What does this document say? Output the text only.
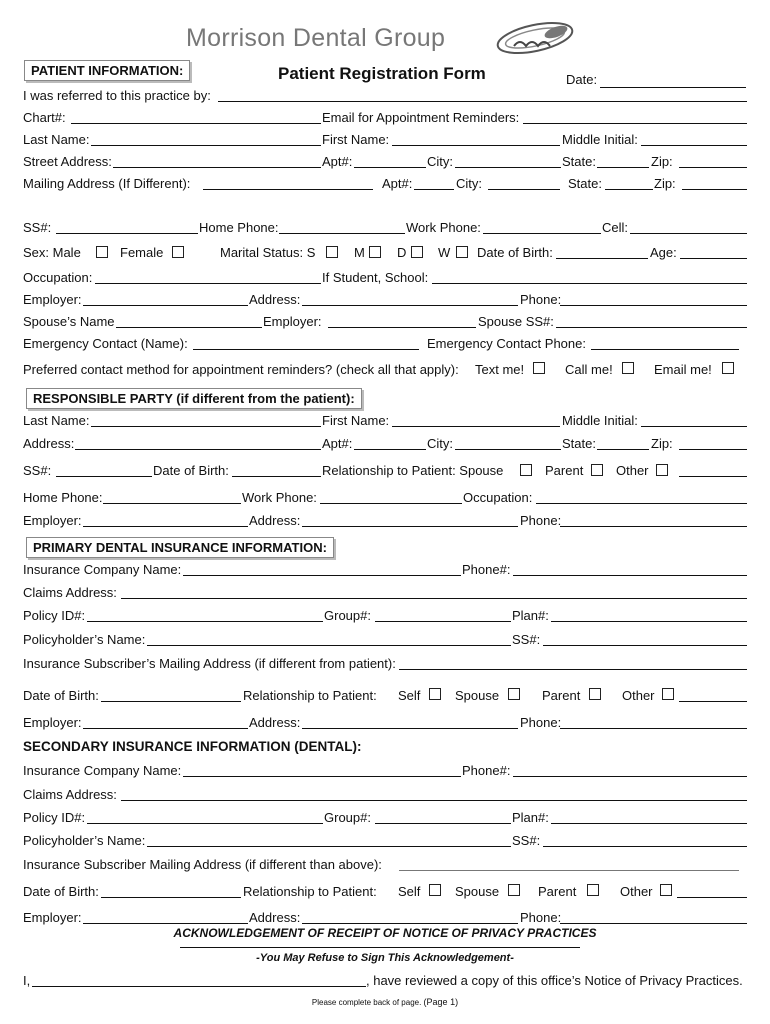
Morrison Dental Group
PATIENT INFORMATION:	Patient Registration Form	Date:
I was referred to this practice by:
Chart#:	Email for Appointment Reminders:
Last Name:	First Name:	Middle Initial:
Street Address:	Apt#:	City:	State:	Zip:
Mailing Address (If Different):	Apt#:	City:	State:	Zip:
SS#:	Home Phone:	Work Phone:	Cell:
Sex: Male	Female	Marital Status: S	M D W Date of Birth:	Age:
Occupation:	If Student, School:
Employer:	Address:	Phone:
Spouse’s Name	Employer:	Spouse SS#:
Emergency Contact (Name):	Emergency Contact Phone:
Preferred contact method for appointment reminders? (check all that apply): Text me!	Call me!	Email me!
RESPONSIBLE PARTY (if different from the patient):
Last Name:	First Name:	Middle Initial:
Address:	Apt#:	City:	State:	Zip:
SS#:	Date of Birth:	Relationship to Patient: Spouse	Parent	Other
Home Phone:	Work Phone:	Occupation:
Employer:	Address:	Phone:
PRIMARY DENTAL INSURANCE INFORMATION:
Insurance Company Name:	Phone#:
Claims Address:
Policy ID#:	Group#:	Plan#:
Policyholder’s Name:	SS#:
Insurance Subscriber’s Mailing Address (if different from patient):
Date of Birth:	Relationship to Patient: Self	Spouse	Parent	Other
Employer:	Address:	Phone:
SECONDARY INSURANCE INFORMATION (DENTAL):
Insurance Company Name:	Phone#:
Claims Address:
Policy ID#:	Group#:	Plan#:
Policyholder’s Name:	SS#:
Insurance Subscriber Mailing Address (if different than above):
Date of Birth:	Relationship to Patient: Self	Spouse	Parent	Other
Employer:	Address:	Phone:
ACKNOWLEDGEMENT OF RECEIPT OF NOTICE OF PRIVACY PRACTICES
-You May Refuse to Sign This Acknowledgement-
I,	, have reviewed a copy of this office’s Notice of Privacy Practices.
Please complete back of page. (Page 1)
